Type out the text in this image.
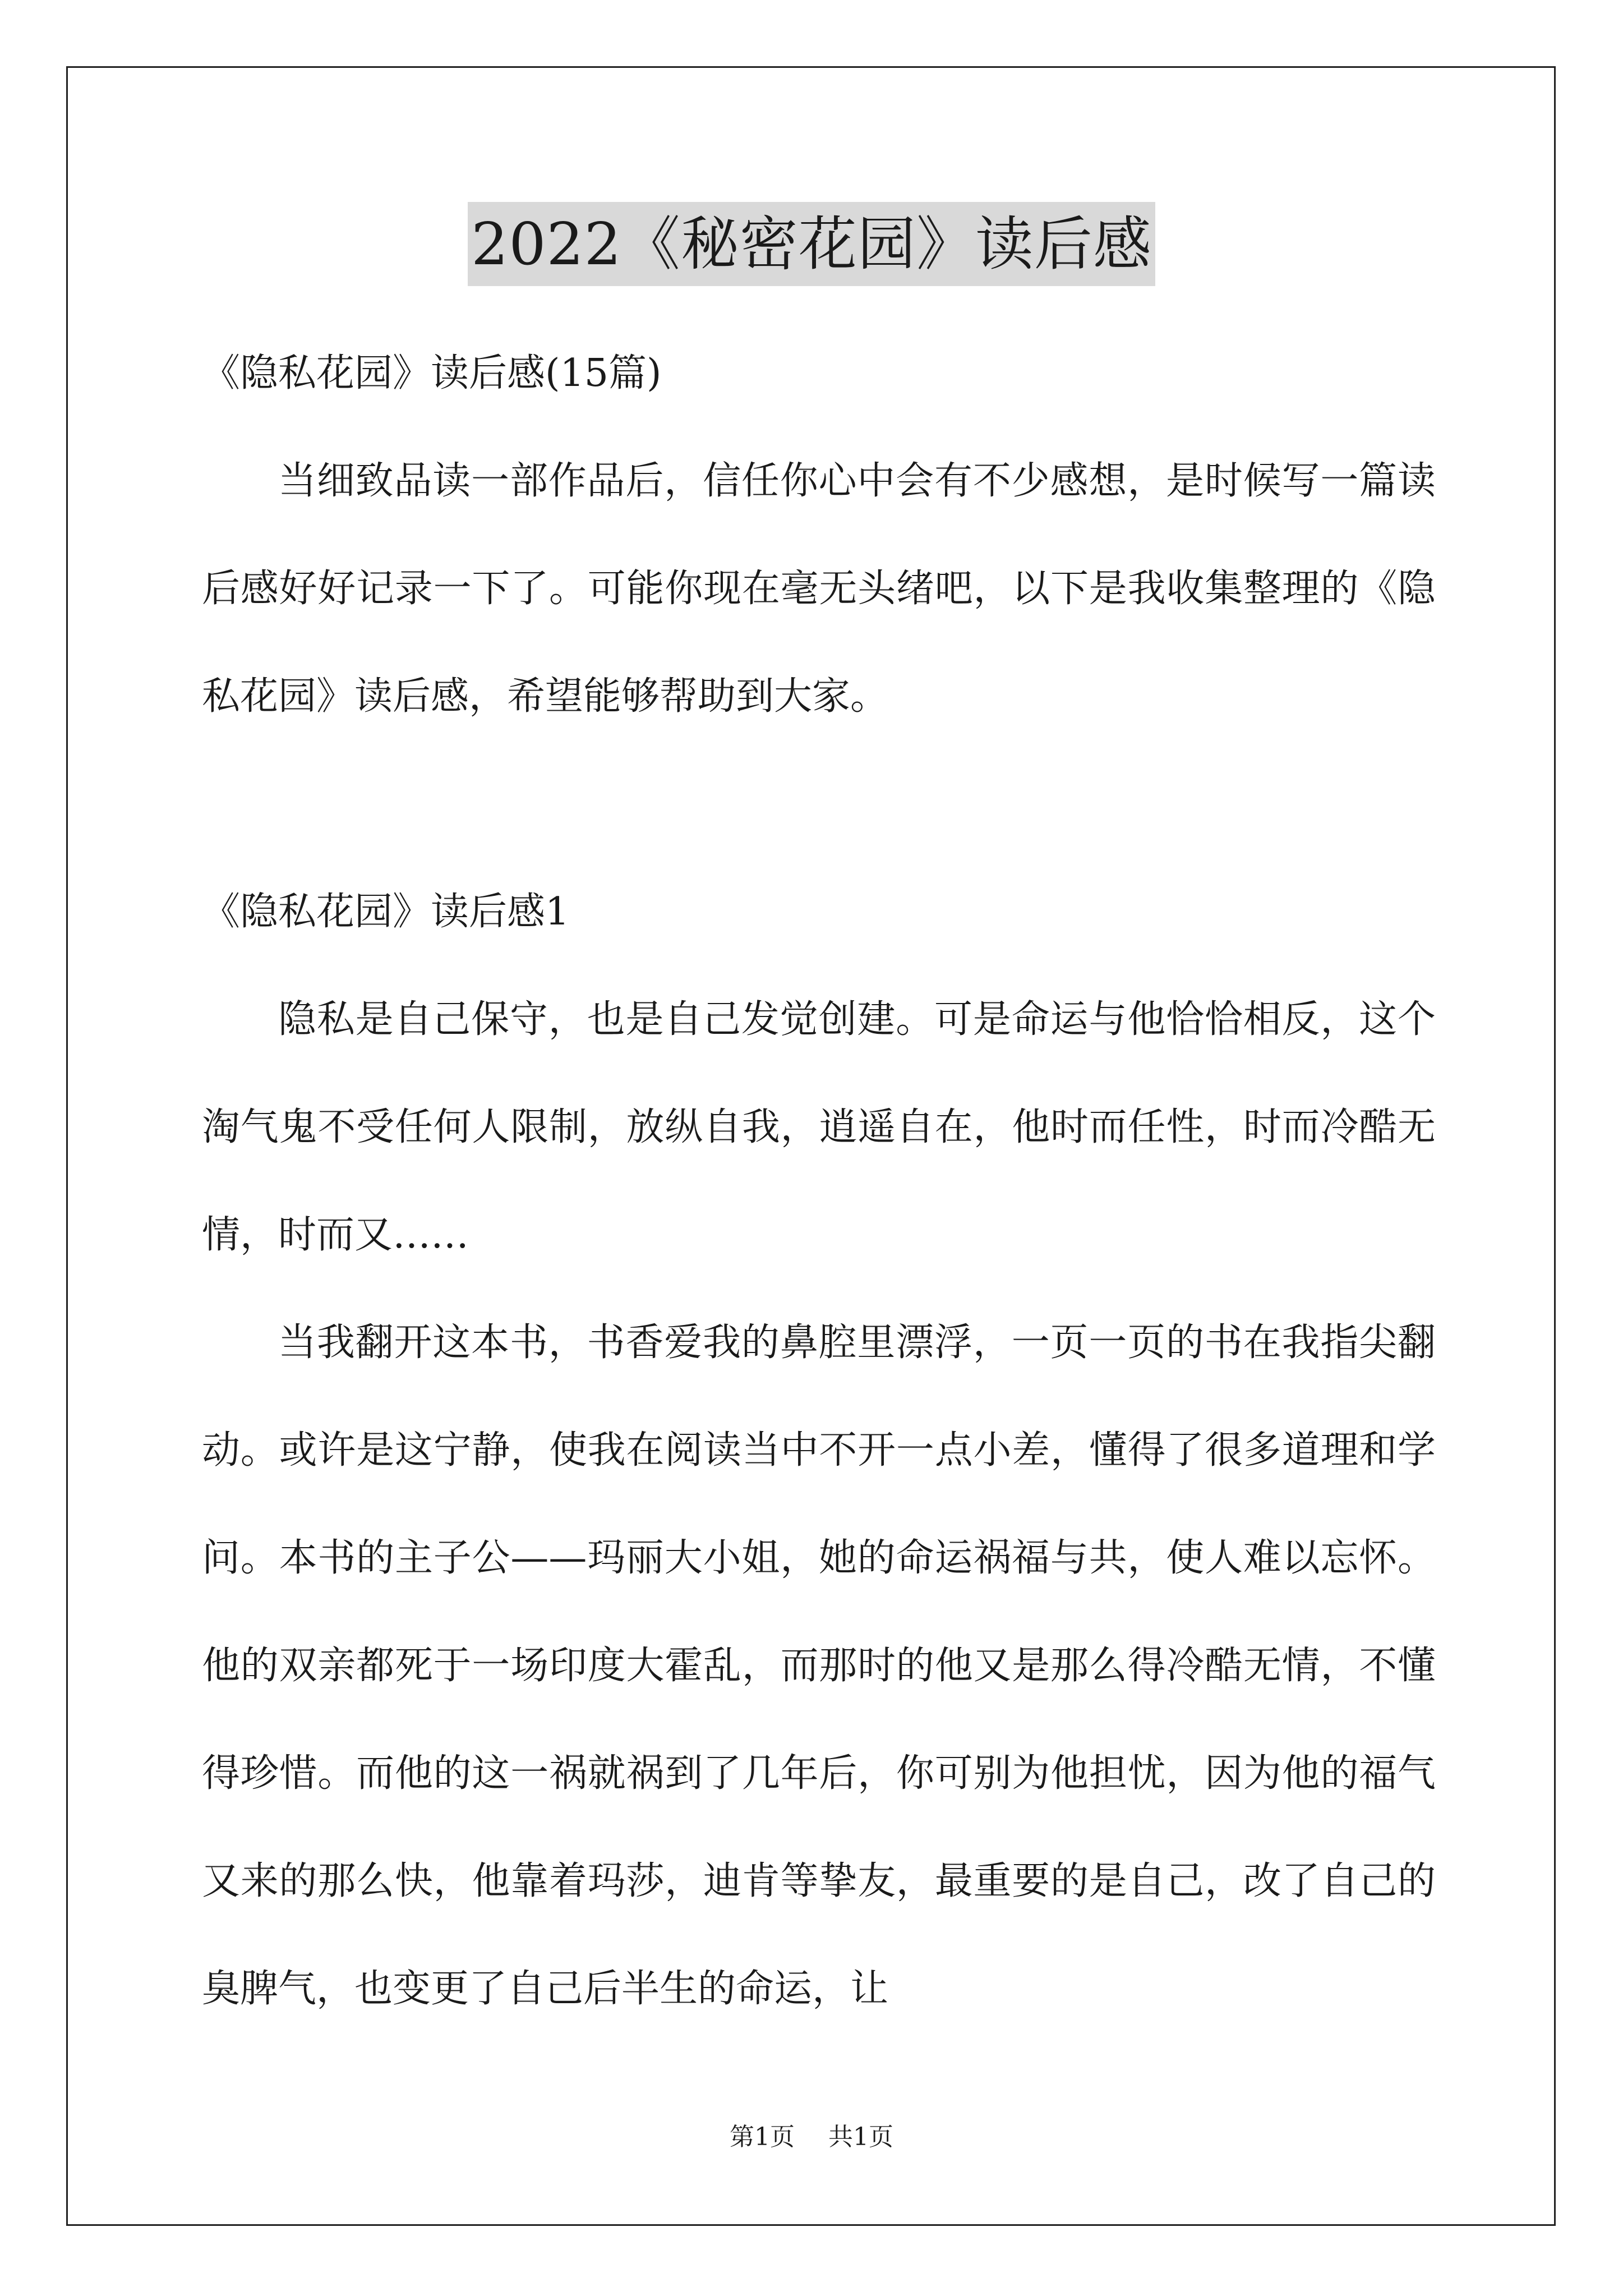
2022《秘密花园》读后感

《隐私花园》读后感(15篇)

当细致品读一部作品后，信任你心中会有不少感想，是时候写一篇读后感好好记录一下了。可能你现在毫无头绪吧，以下是我收集整理的《隐私花园》读后感，希望能够帮助到大家。

《隐私花园》读后感1

隐私是自己保守，也是自己发觉创建。可是命运与他恰恰相反，这个淘气鬼不受任何人限制，放纵自我，逍遥自在，他时而任性，时而冷酷无情，时而又……

当我翻开这本书，书香爱我的鼻腔里漂浮，一页一页的书在我指尖翻动。或许是这宁静，使我在阅读当中不开一点小差，懂得了很多道理和学问。本书的主子公——玛丽大小姐，她的命运祸福与共，使人难以忘怀。他的双亲都死于一场印度大霍乱，而那时的他又是那么得冷酷无情，不懂得珍惜。而他的这一祸就祸到了几年后，你可别为他担忧，因为他的福气又来的那么快，他靠着玛莎，迪肯等挚友，最重要的是自己，改了自己的臭脾气，也变更了自己后半生的命运，让

第1页 共1页
